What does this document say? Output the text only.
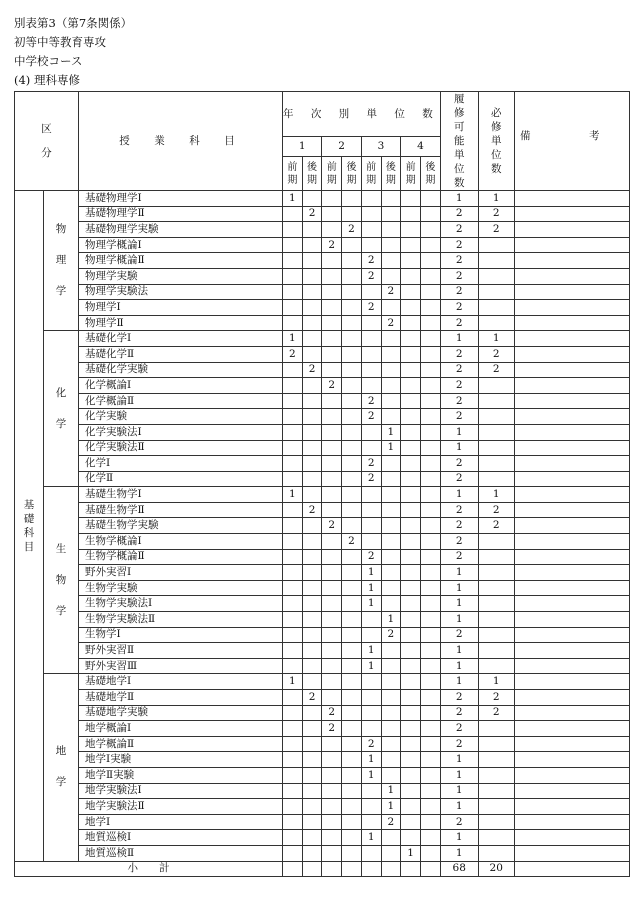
別表第3（第7条関係）
初等中等教育専攻
中学校コース
(4) 理科専修
区　分		授　業　科　目	年 次 別 単 位 数								履修可能単位数	必修単位数	備　考
			1		2		3		4				
			前期	後期	前期	後期	前期	後期	前期	後期			
基礎科目	物理学	基礎物理学Ⅰ	1								1	1	
		基礎物理学Ⅱ		2							2	2	
		基礎物理学実験				2					2	2	
		物理学概論Ⅰ			2						2		
		物理学概論Ⅱ					2				2		
		物理学実験					2				2		
		物理学実験法						2			2		
		物理学Ⅰ					2				2		
		物理学Ⅱ						2			2		
	化学	基礎化学Ⅰ	1								1	1	
		基礎化学Ⅱ	2								2	2	
		基礎化学実験		2							2	2	
		化学概論Ⅰ			2						2		
		化学概論Ⅱ					2				2		
		化学実験					2				2		
		化学実験法Ⅰ						1			1		
		化学実験法Ⅱ						1			1		
		化学Ⅰ					2				2		
		化学Ⅱ					2				2		
	生物学	基礎生物学Ⅰ	1								1	1	
		基礎生物学Ⅱ		2							2	2	
		基礎生物学実験			2						2	2	
		生物学概論Ⅰ				2					2		
		生物学概論Ⅱ					2				2		
		野外実習Ⅰ					1				1		
		生物学実験					1				1		
		生物学実験法Ⅰ					1				1		
		生物学実験法Ⅱ						1			1		
		生物学Ⅰ						2			2		
		野外実習Ⅱ					1				1		
		野外実習Ⅲ					1				1		
	地学	基礎地学Ⅰ	1								1	1	
		基礎地学Ⅱ		2							2	2	
		基礎地学実験			2						2	2	
		地学概論Ⅰ			2						2		
		地学概論Ⅱ					2				2		
		地学Ⅰ実験					1				1		
		地学Ⅱ実験					1				1		
		地学実験法Ⅰ						1			1		
		地学実験法Ⅱ						1			1		
		地学Ⅰ						2			2		
		地質巡検Ⅰ					1				1		
		地質巡検Ⅱ							1		1		
小　　計											68	20	
